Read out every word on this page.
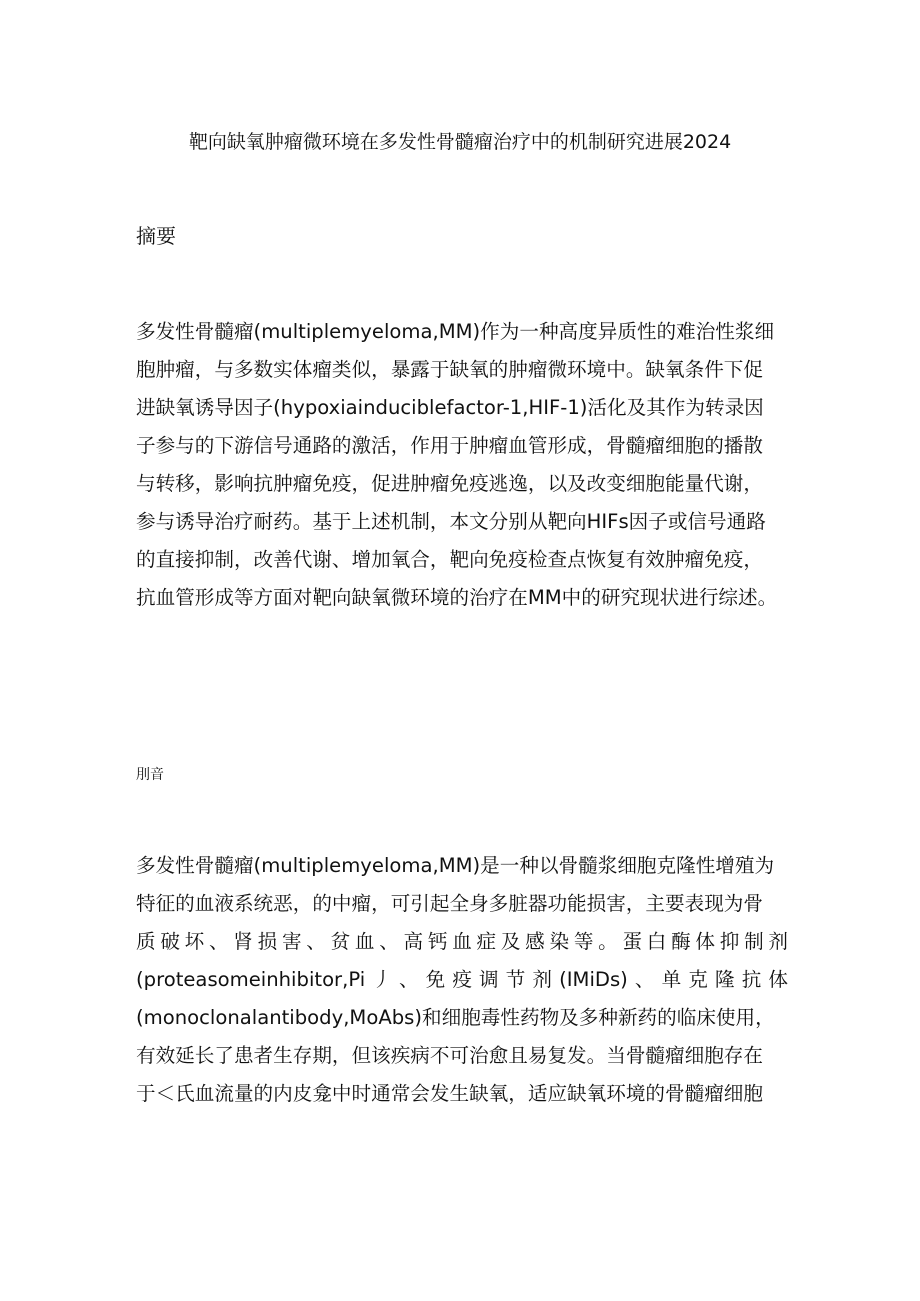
靶向缺氧肿瘤微环境在多发性骨髓瘤治疗中的机制研究进展2024
摘要
多发性骨髓瘤(multiplemyeloma,MM)作为一种高度异质性的难治性浆细
胞肿瘤，与多数实体瘤类似，暴露于缺氧的肿瘤微环境中。缺氧条件下促
进缺氧诱导因子(hypoxiainduciblefactor-1,HIF-1)活化及其作为转录因
子参与的下游信号通路的激活，作用于肿瘤血管形成，骨髓瘤细胞的播散
与转移，影响抗肿瘤免疫，促进肿瘤免疫逃逸，以及改变细胞能量代谢，
参与诱导治疗耐药。基于上述机制，本文分别从靶向HIFs因子或信号通路
的直接抑制，改善代谢、增加氧合，靶向免疫检查点恢复有效肿瘤免疫，
抗血管形成等方面对靶向缺氧微环境的治疗在MM中的研究现状进行综述。
刖音
多发性骨髓瘤(multiplemyeloma,MM)是一种以骨髓浆细胞克隆性增殖为
特征的血液系统恶，的中瘤，可引起全身多脏器功能损害，主要表现为骨
质破坏、肾损害、贫血、高钙血症及感染等。蛋白酶体抑制剂
(proteasomeinhibitor,Pi丿、免疫调节剂(IMiDs)、单克隆抗体
(monoclonalantibody,MoAbs)和细胞毒性药物及多种新药的临床使用，
有效延长了患者生存期，但该疾病不可治愈且易复发。当骨髓瘤细胞存在
于＜氏血流量的内皮龛中时通常会发生缺氧，适应缺氧环境的骨髓瘤细胞
